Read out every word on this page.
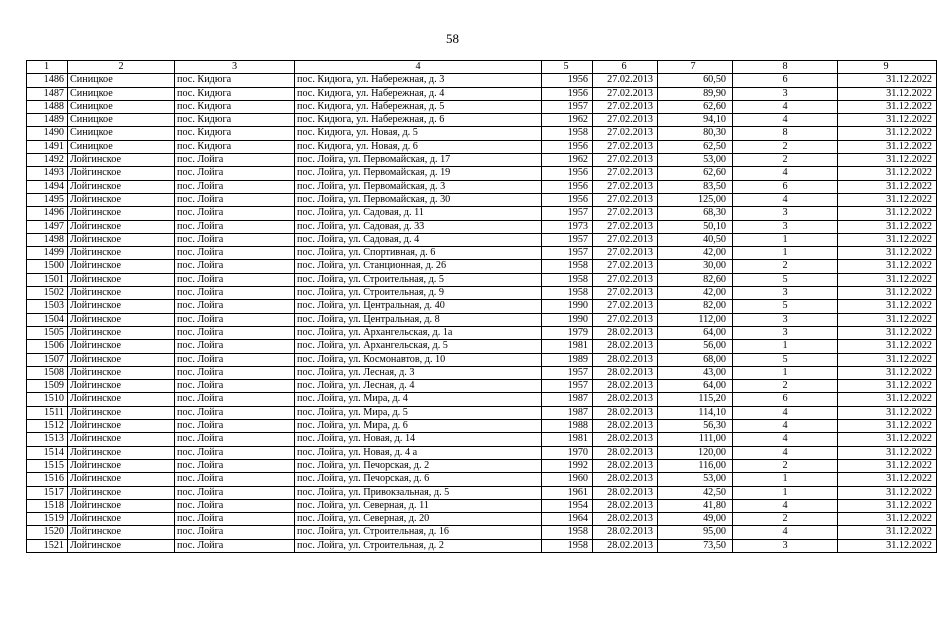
58
1	2	3	4	5	6	7	8	9
1486	Синицкое	пос. Кидюга	пос. Кидюга, ул. Набережная, д. 3	1956	27.02.2013	60,50	6	31.12.2022
1487	Синицкое	пос. Кидюга	пос. Кидюга, ул. Набережная, д. 4	1956	27.02.2013	89,90	3	31.12.2022
1488	Синицкое	пос. Кидюга	пос. Кидюга, ул. Набережная, д. 5	1957	27.02.2013	62,60	4	31.12.2022
1489	Синицкое	пос. Кидюга	пос. Кидюга, ул. Набережная, д. 6	1962	27.02.2013	94,10	4	31.12.2022
1490	Синицкое	пос. Кидюга	пос. Кидюга, ул. Новая, д. 5	1958	27.02.2013	80,30	8	31.12.2022
1491	Синицкое	пос. Кидюга	пос. Кидюга, ул. Новая, д. 6	1956	27.02.2013	62,50	2	31.12.2022
1492	Лойгинское	пос. Лойга	пос. Лойга, ул. Первомайская, д. 17	1962	27.02.2013	53,00	2	31.12.2022
1493	Лойгинское	пос. Лойга	пос. Лойга, ул. Первомайская, д. 19	1956	27.02.2013	62,60	4	31.12.2022
1494	Лойгинское	пос. Лойга	пос. Лойга, ул. Первомайская, д. 3	1956	27.02.2013	83,50	6	31.12.2022
1495	Лойгинское	пос. Лойга	пос. Лойга, ул. Первомайская, д. 30	1956	27.02.2013	125,00	4	31.12.2022
1496	Лойгинское	пос. Лойга	пос. Лойга, ул. Садовая, д. 11	1957	27.02.2013	68,30	3	31.12.2022
1497	Лойгинское	пос. Лойга	пос. Лойга, ул. Садовая, д. 33	1973	27.02.2013	50,10	3	31.12.2022
1498	Лойгинское	пос. Лойга	пос. Лойга, ул. Садовая, д. 4	1957	27.02.2013	40,50	1	31.12.2022
1499	Лойгинское	пос. Лойга	пос. Лойга, ул. Спортивная, д. 6	1957	27.02.2013	42,00	1	31.12.2022
1500	Лойгинское	пос. Лойга	пос. Лойга, ул. Станционная, д. 26	1958	27.02.2013	30,00	2	31.12.2022
1501	Лойгинское	пос. Лойга	пос. Лойга, ул. Строительная, д. 5	1958	27.02.2013	82,60	5	31.12.2022
1502	Лойгинское	пос. Лойга	пос. Лойга, ул. Строительная, д. 9	1958	27.02.2013	42,00	3	31.12.2022
1503	Лойгинское	пос. Лойга	пос. Лойга, ул. Центральная, д. 40	1990	27.02.2013	82,00	5	31.12.2022
1504	Лойгинское	пос. Лойга	пос. Лойга, ул. Центральная, д. 8	1990	27.02.2013	112,00	3	31.12.2022
1505	Лойгинское	пос. Лойга	пос. Лойга, ул. Архангельская, д. 1а	1979	28.02.2013	64,00	3	31.12.2022
1506	Лойгинское	пос. Лойга	пос. Лойга, ул. Архангельская, д. 5	1981	28.02.2013	56,00	1	31.12.2022
1507	Лойгинское	пос. Лойга	пос. Лойга, ул. Космонавтов, д. 10	1989	28.02.2013	68,00	5	31.12.2022
1508	Лойгинское	пос. Лойга	пос. Лойга, ул. Лесная, д. 3	1957	28.02.2013	43,00	1	31.12.2022
1509	Лойгинское	пос. Лойга	пос. Лойга, ул. Лесная, д. 4	1957	28.02.2013	64,00	2	31.12.2022
1510	Лойгинское	пос. Лойга	пос. Лойга, ул. Мира, д. 4	1987	28.02.2013	115,20	6	31.12.2022
1511	Лойгинское	пос. Лойга	пос. Лойга, ул. Мира, д. 5	1987	28.02.2013	114,10	4	31.12.2022
1512	Лойгинское	пос. Лойга	пос. Лойга, ул. Мира, д. 6	1988	28.02.2013	56,30	4	31.12.2022
1513	Лойгинское	пос. Лойга	пос. Лойга, ул. Новая, д. 14	1981	28.02.2013	111,00	4	31.12.2022
1514	Лойгинское	пос. Лойга	пос. Лойга, ул. Новая, д. 4 а	1970	28.02.2013	120,00	4	31.12.2022
1515	Лойгинское	пос. Лойга	пос. Лойга, ул. Печорская, д. 2	1992	28.02.2013	116,00	2	31.12.2022
1516	Лойгинское	пос. Лойга	пос. Лойга, ул. Печорская, д. 6	1960	28.02.2013	53,00	1	31.12.2022
1517	Лойгинское	пос. Лойга	пос. Лойга, ул. Привокзальная, д. 5	1961	28.02.2013	42,50	1	31.12.2022
1518	Лойгинское	пос. Лойга	пос. Лойга, ул. Северная, д. 11	1954	28.02.2013	41,80	4	31.12.2022
1519	Лойгинское	пос. Лойга	пос. Лойга, ул. Северная, д. 20	1964	28.02.2013	49,00	2	31.12.2022
1520	Лойгинское	пос. Лойга	пос. Лойга, ул. Строительная, д. 16	1958	28.02.2013	95,00	4	31.12.2022
1521	Лойгинское	пос. Лойга	пос. Лойга, ул. Строительная, д. 2	1958	28.02.2013	73,50	3	31.12.2022
